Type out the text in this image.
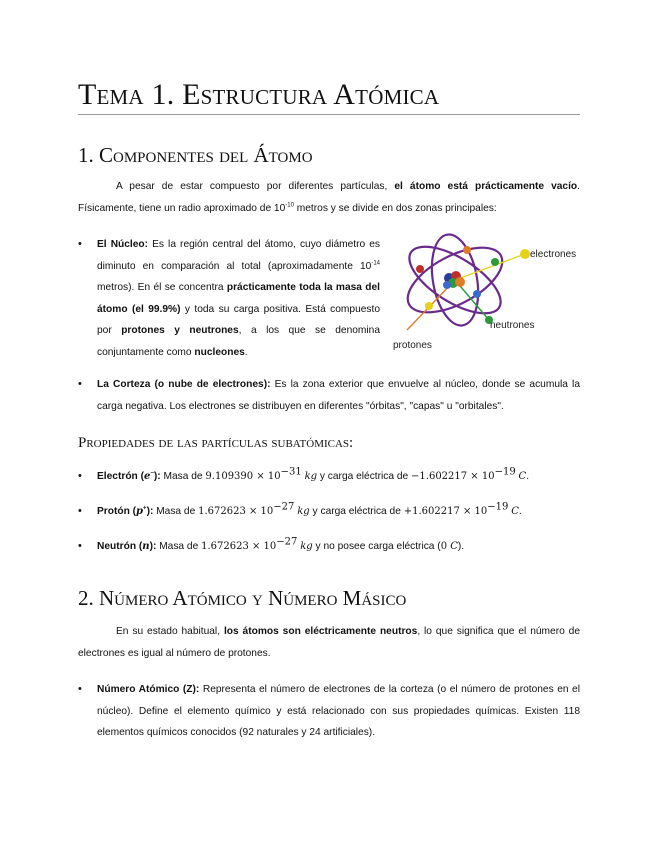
Tema 1. Estructura Atómica
1. Componentes del Átomo
A pesar de estar compuesto por diferentes partículas, el átomo está prácticamente vacío. Físicamente, tiene un radio aproximado de $10^{-10}$ metros y se divide en dos zonas principales:
• El Núcleo: Es la región central del átomo, cuyo diámetro es diminuto en comparación al total (aproximadamente $10^{-14}$ metros). En él se concentra prácticamente toda la masa del átomo (el 99.9%) y toda su carga positiva. Está compuesto por protones y neutrones, a los que se denomina conjuntamente como nucleones.
electrones
neutrones
protones
• La Corteza (o nube de electrones): Es la zona exterior que envuelve al núcleo, donde se acumula la carga negativa. Los electrones se distribuyen en diferentes "órbitas", "capas" u "orbitales".
Propiedades de las partículas subatómicas:
• Electrón (e−): Masa de $9.109390 \times 10^{-31}$ kg y carga eléctrica de $-1.602217 \times 10^{-19}$ C.
• Protón (p+): Masa de $1.672623 \times 10^{-27}$ kg y carga eléctrica de $+1.602217 \times 10^{-19}$ C.
• Neutrón (n): Masa de $1.672623 \times 10^{-27}$ kg y no posee carga eléctrica (0 C).
2. Número Atómico y Número Másico
En su estado habitual, los átomos son eléctricamente neutros, lo que significa que el número de electrones es igual al número de protones.
• Número Atómico (Z): Representa el número de electrones de la corteza (o el número de protones en el núcleo). Define el elemento químico y está relacionado con sus propiedades químicas. Existen 118 elementos químicos conocidos (92 naturales y 24 artificiales).
